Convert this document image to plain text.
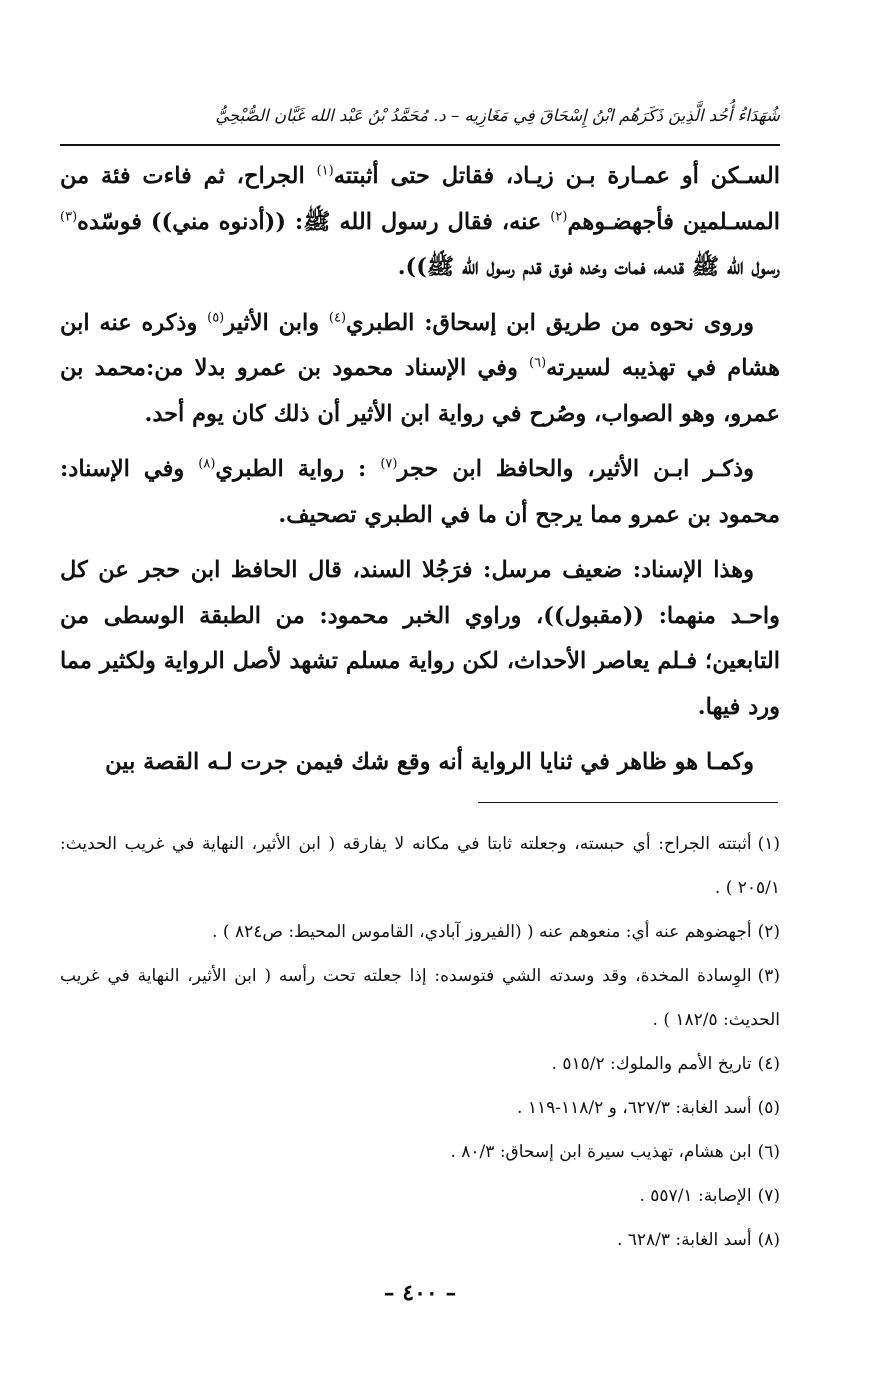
شُهَدَاءُ أُحُد الَّذِينَ ذَكَرَهُم ابْنُ إِسْحَاقَ فِي مَغَازِيه – د. مُحَمَّدُ بْنُ عَبْد الله غَبَّان الصُّبْحِيُّ

السـكن أو عمـارة بـن زيـاد، فقاتل حتى أثبتته$^{(١)}$ الجراح، ثم فاءت فئة من المسـلمين فأجهضـوهم$^{(٢)}$ عنه، فقال رسول الله ﷺ: ((أدنوه مني)) فوسّده$^{(٣)}$ رسول الله ﷺ قدمه، فمات وخده فوق قدم رسول الله ﷺ)).

وروى نحوه من طريق ابن إسحاق: الطبري$^{(٤)}$ وابن الأثير$^{(٥)}$ وذكره عنه ابن هشام في تهذيبه لسيرته$^{(٦)}$ وفي الإسناد محمود بن عمرو بدلا من:محمد بن عمرو، وهو الصواب، وصُرح في رواية ابن الأثير أن ذلك كان يوم أحد.

وذكـر ابـن الأثير، والحافظ ابن حجر$^{(٧)}$ : رواية الطبري$^{(٨)}$ وفي الإسناد: محمود بن عمرو مما يرجح أن ما في الطبري تصحيف.

وهذا الإسناد: ضعيف مرسل: فرَجُلا السند، قال الحافظ ابن حجر عن كل واحـد منهما: ((مقبول))، وراوي الخبر محمود: من الطبقة الوسطى من التابعين؛ فـلم يعاصر الأحداث، لكن رواية مسلم تشهد لأصل الرواية ولكثير مما ورد فيها.

وكمـا هو ظاهر في ثنايا الرواية أنه وقع شك فيمن جرت لـه القصة بين

(١)أثبتته الجراح: أي حبسته، وجعلته ثابتا في مكانه لا يفارقه ( ابن الأثير، النهاية في غريب الحديث: ٢٠٥/١ ) .

(٢)أجهضوهم عنه أي: منعوهم عنه ( (الفيروز آبادي، القاموس المحيط: ص٨٢٤ ) .

(٣)الوِسادة المخدة، وقد وسدته الشي فتوسده: إذا جعلته تحت رأسه ( ابن الأثير، النهاية في غريب الحديث: ١٨٢/٥ ) .

(٤)تاريخ الأمم والملوك: ٥١٥/٢ .

(٥)أسد الغابة: ٦٢٧/٣، و ١١٨/٢-١١٩ .

(٦)ابن هشام، تهذيب سيرة ابن إسحاق: ٨٠/٣ .

(٧)الإصابة: ٥٥٧/١ .

(٨)أسد الغابة: ٦٢٨/٣ .

– ٤٠٠ –
